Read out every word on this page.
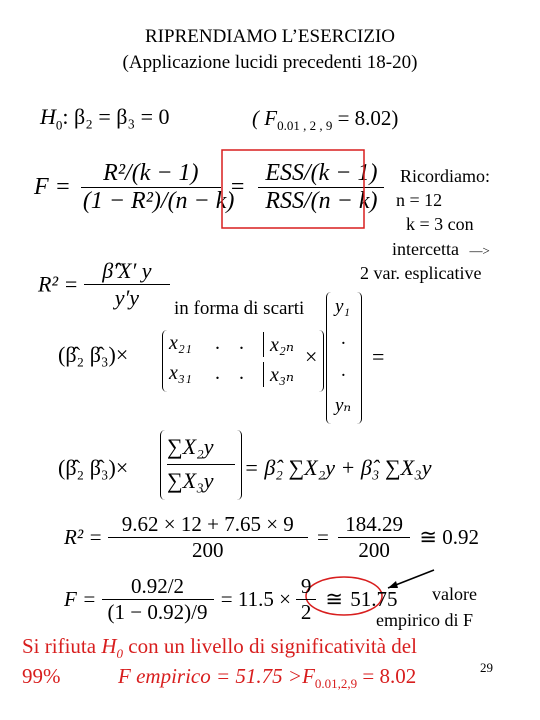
RIPRENDIAMO L’ESERCIZIO
(Applicazione lucidi precedenti 18-20)
$H_0$: β₂ = β₃ = 0	( $F_{0.01 , 2 , 9} = 8.02$)
$F = \frac{\text{R²/(k − 1)}}{\text{(1 − R²)/(n − k)}} = \frac{\text{ESS/(k − 1)}}{\text{RSS/(n − k)}}$ Ricordiamo:
n = 12
k = 3 con
intercetta —>
2 var. esplicative
$R^2 = \frac{\betâ'X' y}{y'y}$ in forma di scarti
(β̂₂ β̂₃)× x₂₁ . .	x₂ₙ
x₃₁ . .	x₃ₙ
×
y₁
.
.
yₙ
=
(β̂₂ β̂₃)×
∑X₂y
∑X₃y
= β̂₂ ∑X₂y + β̂₃ ∑X₃y
$R^2 = \frac{9.62 \times 12 + 7.65 \times 9}{200} = \frac{184.29}{200}$ ≅ 0.92
$F = \frac{0.92/2}{(1 - 0.92)/9} = 11.5 \times \frac{9}{2}$ ≅ 51.75 valore
empirico di F
Si rifiuta $H_0$ con un livello di significatività del
99%	F empirico = $51.75 >F_{0.01,2,9} = 8.02$	29
